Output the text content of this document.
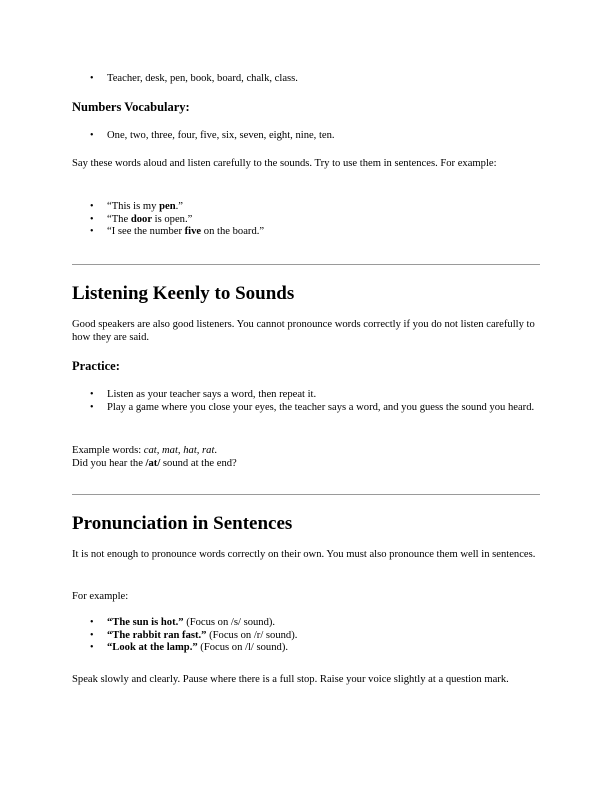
• Teacher, desk, pen, book, board, chalk, class.

Numbers Vocabulary:

• One, two, three, four, five, six, seven, eight, nine, ten.

Say these words aloud and listen carefully to the sounds. Try to use them in sentences. For example:

• “This is my pen.”
• “The door is open.”
• “I see the number five on the board.”

Listening Keenly to Sounds

Good speakers are also good listeners. You cannot pronounce words correctly if you do not listen carefully to how they are said.

Practice:

• Listen as your teacher says a word, then repeat it.
• Play a game where you close your eyes, the teacher says a word, and you guess the sound you heard.

Example words: cat, mat, hat, rat.
Did you hear the /at/ sound at the end?

Pronunciation in Sentences

It is not enough to pronounce words correctly on their own. You must also pronounce them well in sentences.

For example:

• “The sun is hot.” (Focus on /s/ sound).
• “The rabbit ran fast.” (Focus on /r/ sound).
• “Look at the lamp.” (Focus on /l/ sound).

Speak slowly and clearly. Pause where there is a full stop. Raise your voice slightly at a question mark.
